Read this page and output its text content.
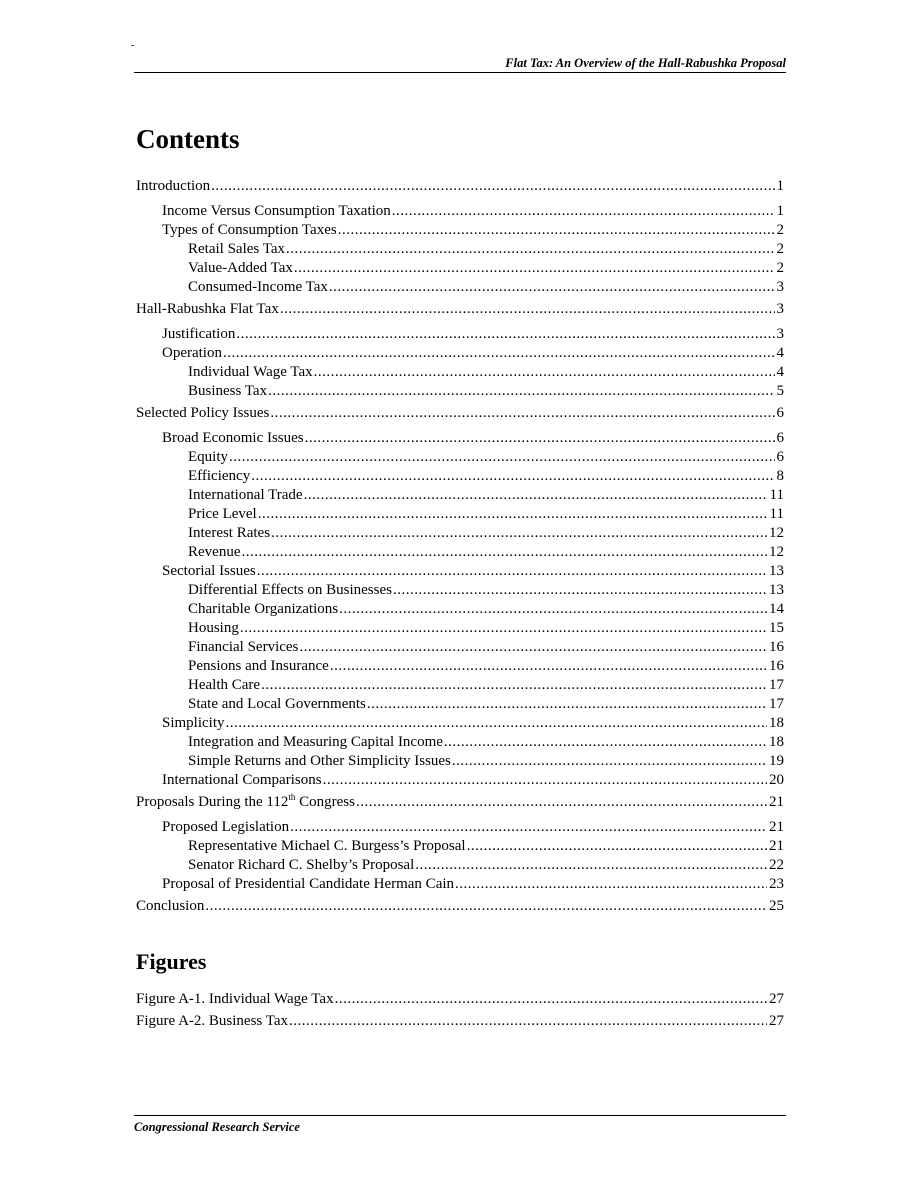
-
Flat Tax: An Overview of the Hall-Rabushka Proposal
Contents
Introduction .....	1
Income Versus Consumption Taxation .....	1
Types of Consumption Taxes .....	2
Retail Sales Tax .....	2
Value-Added Tax .....	2
Consumed-Income Tax .....	3
Hall-Rabushka Flat Tax .....	3
Justification .....	3
Operation .....	4
Individual Wage Tax .....	4
Business Tax .....	5
Selected Policy Issues .....	6
Broad Economic Issues .....	6
Equity .....	6
Efficiency .....	8
International Trade .....	11
Price Level .....	11
Interest Rates .....	12
Revenue .....	12
Sectorial Issues .....	13
Differential Effects on Businesses .....	13
Charitable Organizations .....	14
Housing .....	15
Financial Services .....	16
Pensions and Insurance .....	16
Health Care .....	17
State and Local Governments .....	17
Simplicity .....	18
Integration and Measuring Capital Income .....	18
Simple Returns and Other Simplicity Issues .....	19
International Comparisons .....	20
Proposals During the 112th Congress .....	21
Proposed Legislation .....	21
Representative Michael C. Burgess’s Proposal .....	21
Senator Richard C. Shelby’s Proposal .....	22
Proposal of Presidential Candidate Herman Cain .....	23
Conclusion .....	25
Figures
Figure A-1. Individual Wage Tax .....	27
Figure A-2. Business Tax .....	27
Congressional Research Service
